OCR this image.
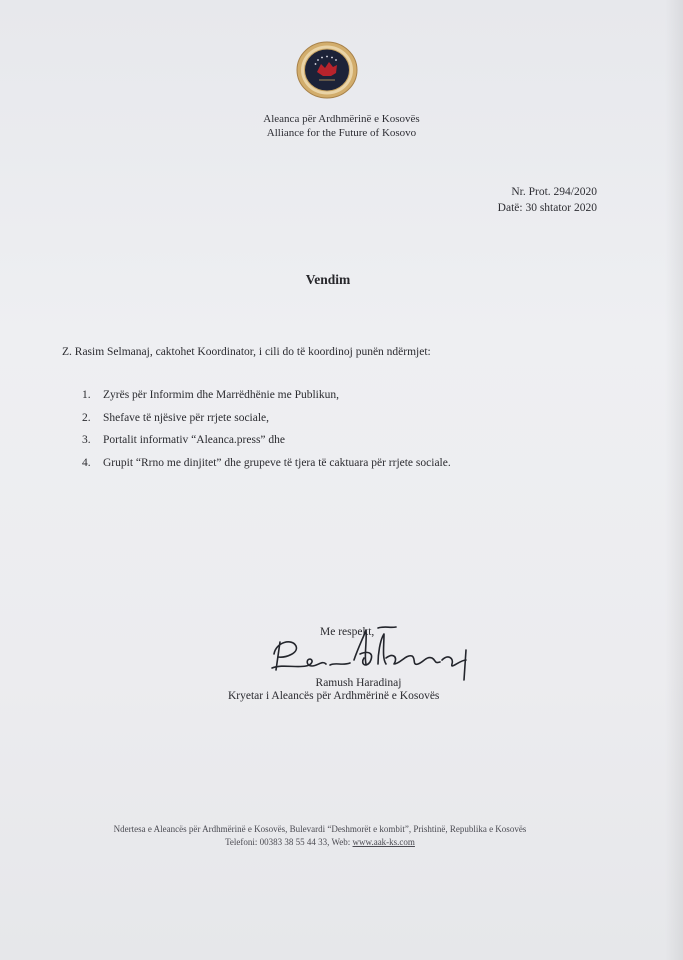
Aleanca për Ardhmërinë e Kosovës
Alliance for the Future of Kosovo
Nr. Prot. 294/2020
Datë: 30 shtator 2020
Vendim
Z. Rasim Selmanaj, caktohet Koordinator, i cili do të koordinoj punën ndërmjet:
1. Zyrës për Informim dhe Marrëdhënie me Publikun,
2. Shefave të njësive për rrjete sociale,
3. Portalit informativ “Aleanca.press” dhe
4. Grupit “Rrno me dinjitet” dhe grupeve të tjera të caktuara për rrjete sociale.
Me respekt,
Ramush Haradinaj
Kryetar i Aleancës për Ardhmërinë e Kosovës
Ndertesa e Aleancës për Ardhmërinë e Kosovës, Bulevardi “Deshmorët e kombit”, Prishtinë, Republika e Kosovës
Telefoni: 00383 38 55 44 33, Web: www.aak-ks.com
